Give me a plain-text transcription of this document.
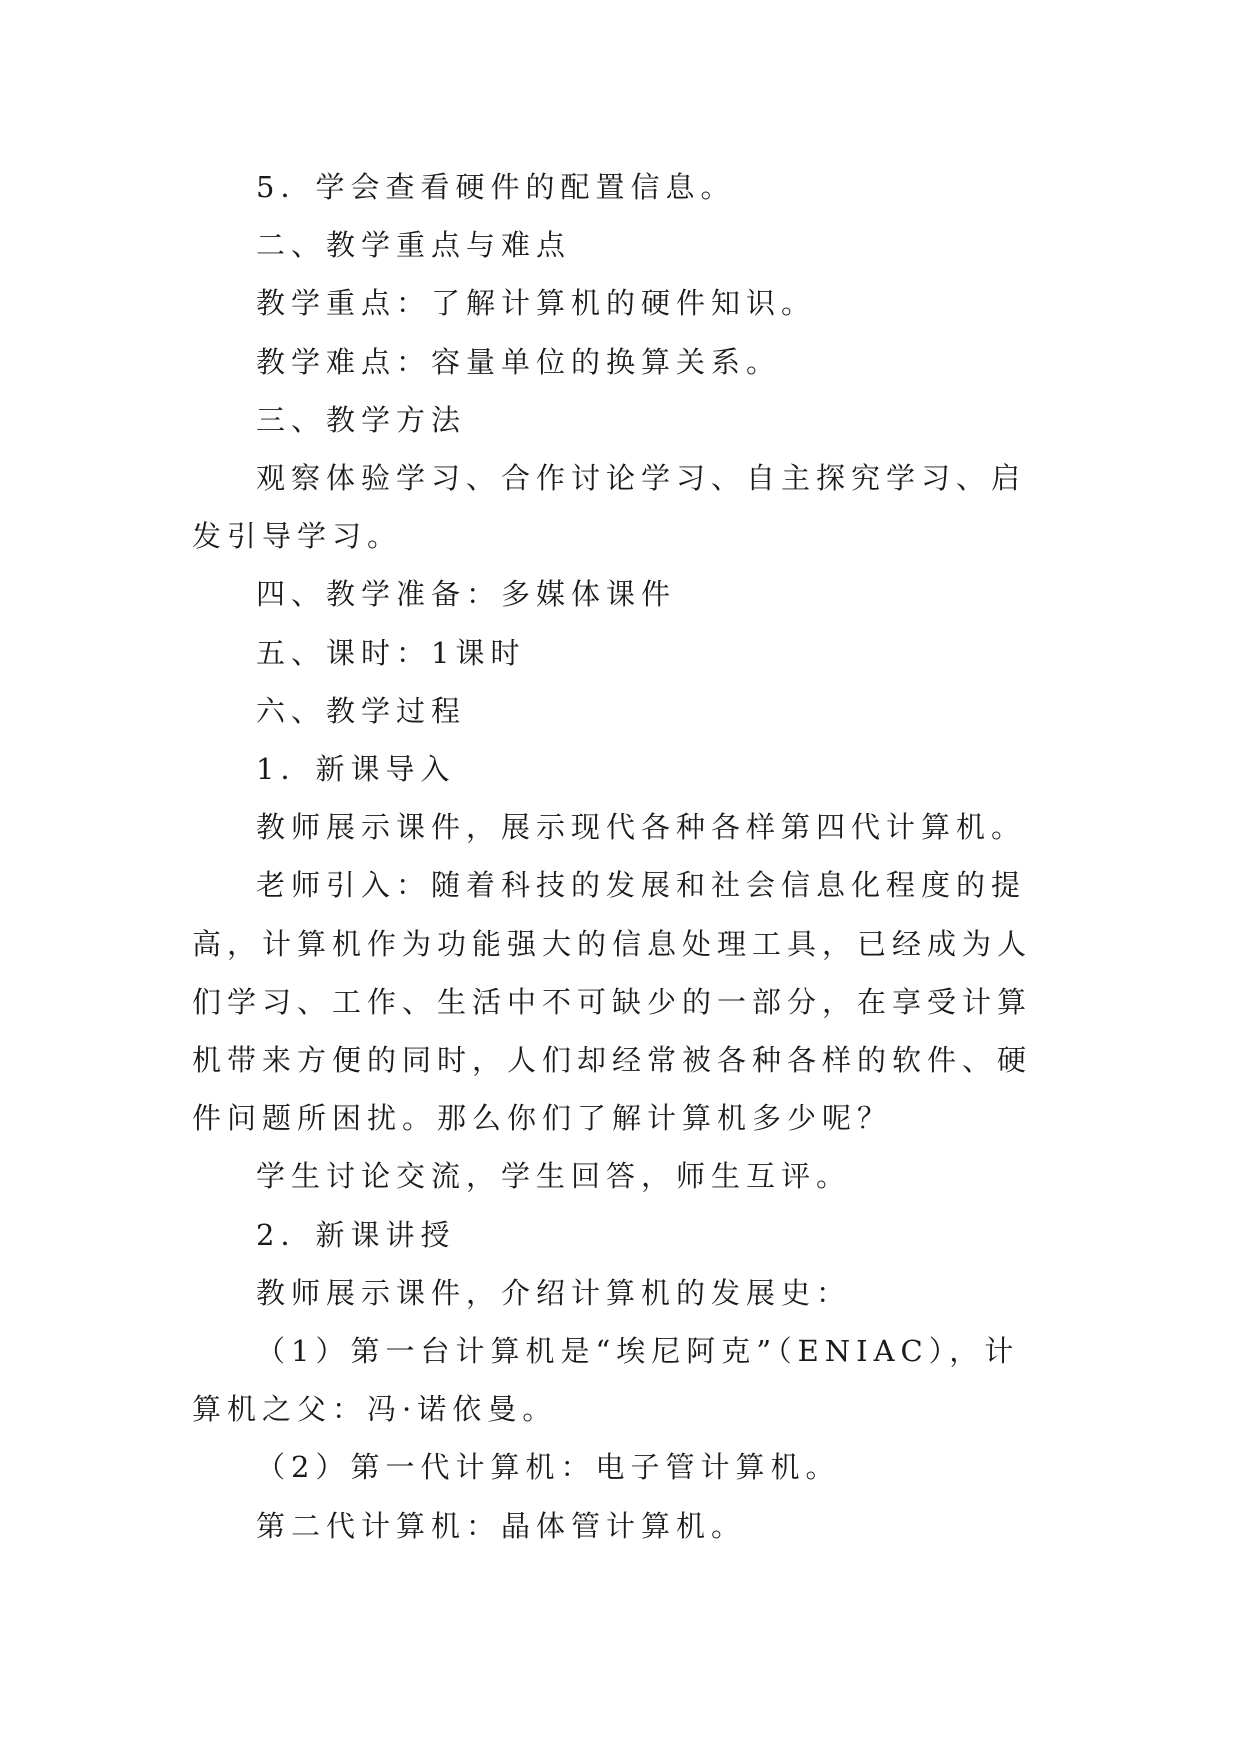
5．学会查看硬件的配置信息。

二、教学重点与难点

教学重点：了解计算机的硬件知识。

教学难点：容量单位的换算关系。

三、教学方法

观察体验学习、合作讨论学习、自主探究学习、启发引导学习。

四、教学准备：多媒体课件

五、课时：1课时

六、教学过程

1．新课导入

教师展示课件，展示现代各种各样第四代计算机。

老师引入：随着科技的发展和社会信息化程度的提高，计算机作为功能强大的信息处理工具，已经成为人们学习、工作、生活中不可缺少的一部分，在享受计算机带来方便的同时，人们却经常被各种各样的软件、硬件问题所困扰。那么你们了解计算机多少呢？

学生讨论交流，学生回答，师生互评。

2．新课讲授

教师展示课件，介绍计算机的发展史：

（1）第一台计算机是“埃尼阿克”（ENIAC），计算机之父：冯·诺依曼。

（2）第一代计算机：电子管计算机。

第二代计算机：晶体管计算机。
